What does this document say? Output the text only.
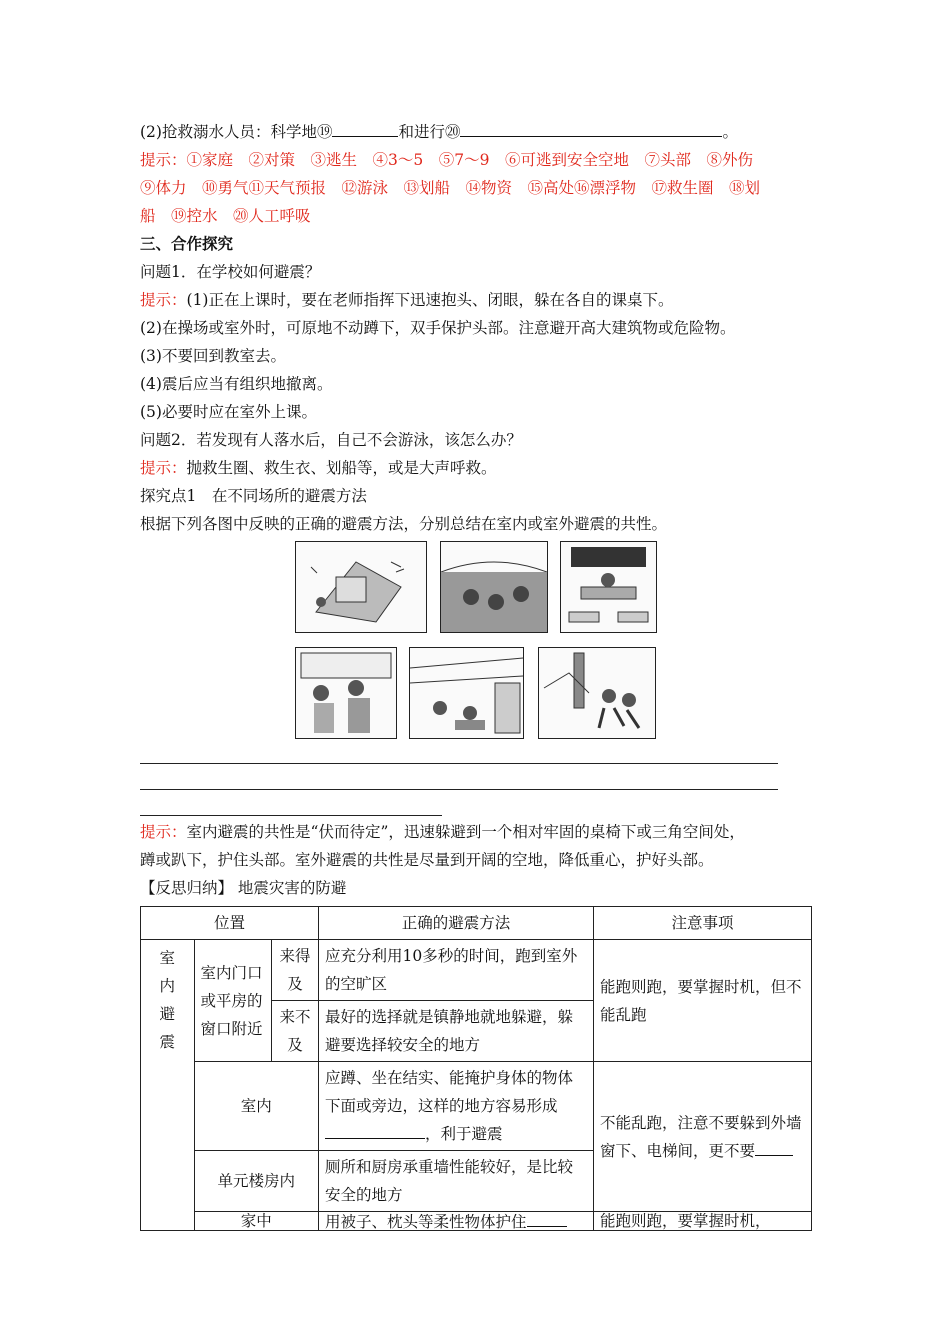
(2)抢救溺水人员：科学地⑲	和进行⑳	。
提示：①家庭　②对策　③逃生　④3～5　⑤7～9　⑥可逃到安全空地　⑦头部　⑧外伤
⑨体力　⑩勇气⑪天气预报　⑫游泳　⑬划船　⑭物资　⑮高处⑯漂浮物　⑰救生圈　⑱划
船　⑲控水　⑳人工呼吸
三、合作探究
问题1．在学校如何避震？
提示：(1)正在上课时，要在老师指挥下迅速抱头、闭眼，躲在各自的课桌下。
(2)在操场或室外时，可原地不动蹲下，双手保护头部。注意避开高大建筑物或危险物。
(3)不要回到教室去。
(4)震后应当有组织地撤离。
(5)必要时应在室外上课。
问题2．若发现有人落水后，自己不会游泳，该怎么办？
提示：抛救生圈、救生衣、划船等，或是大声呼救。
探究点1　在不同场所的避震方法
根据下列各图中反映的正确的避震方法，分别总结在室内或室外避震的共性。
提示：室内避震的共性是“伏而待定”，迅速躲避到一个相对牢固的桌椅下或三角空间处，
蹲或趴下，护住头部。室外避震的共性是尽量到开阔的空地，降低重心，护好头部。
【反思归纳】 地震灾害的防避
位置			正确的避震方法	注意事项

室内避震	室内门口或平房的窗口附近	来得及	应充分利用10多秒的时间，跑到室外的空旷区	能跑则跑，要掌握时机，但不能乱跑
		来不及	最好的选择就是镇静地就地躲避，躲避要选择较安全的地方	
	室内		应蹲、坐在结实、能掩护身体的物体下面或旁边，这样的地方容易形成，利于避震	不能乱跑，注意不要躲到外墙窗下、电梯间，更不要
	单元楼房内		厕所和厨房承重墙性能较好，是比较安全的地方	
	家中		用被子、枕头等柔性物体护住	能跑则跑，要掌握时机，
